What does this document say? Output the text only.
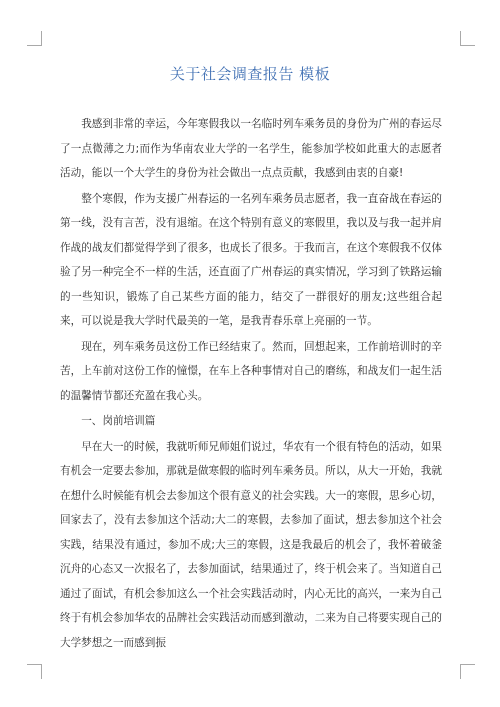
关于社会调查报告 模板

我感到非常的幸运，今年寒假我以一名临时列车乘务员的身份为广州的春运尽了一点微薄之力;而作为华南农业大学的一名学生，能参加学校如此重大的志愿者活动，能以一个大学生的身份为社会做出一点点贡献，我感到由衷的自豪!

整个寒假，作为支援广州春运的一名列车乘务员志愿者，我一直奋战在春运的第一线，没有言苦，没有退缩。在这个特别有意义的寒假里，我以及与我一起并肩作战的战友们都觉得学到了很多，也成长了很多。于我而言，在这个寒假我不仅体验了另一种完全不一样的生活，还直面了广州春运的真实情况，学习到了铁路运输的一些知识，锻炼了自己某些方面的能力，结交了一群很好的朋友;这些组合起来，可以说是我大学时代最美的一笔，是我青春乐章上亮丽的一节。

现在，列车乘务员这份工作已经结束了。然而，回想起来，工作前培训时的辛苦，上车前对这份工作的憧憬，在车上各种事情对自己的磨练，和战友们一起生活的温馨情节都还充盈在我心头。

一、岗前培训篇

早在大一的时候，我就听师兄师姐们说过，华农有一个很有特色的活动，如果有机会一定要去参加，那就是做寒假的临时列车乘务员。所以，从大一开始，我就在想什么时候能有机会去参加这个很有意义的社会实践。大一的寒假，思乡心切，回家去了，没有去参加这个活动;大二的寒假，去参加了面试，想去参加这个社会实践，结果没有通过，参加不成;大三的寒假，这是我最后的机会了，我怀着破釜沉舟的心态又一次报名了，去参加面试，结果通过了，终于机会来了。当知道自己通过了面试，有机会参加这么一个社会实践活动时，内心无比的高兴，一来为自己终于有机会参加华农的品牌社会实践活动而感到激动，二来为自己将要实现自己的大学梦想之一而感到振
